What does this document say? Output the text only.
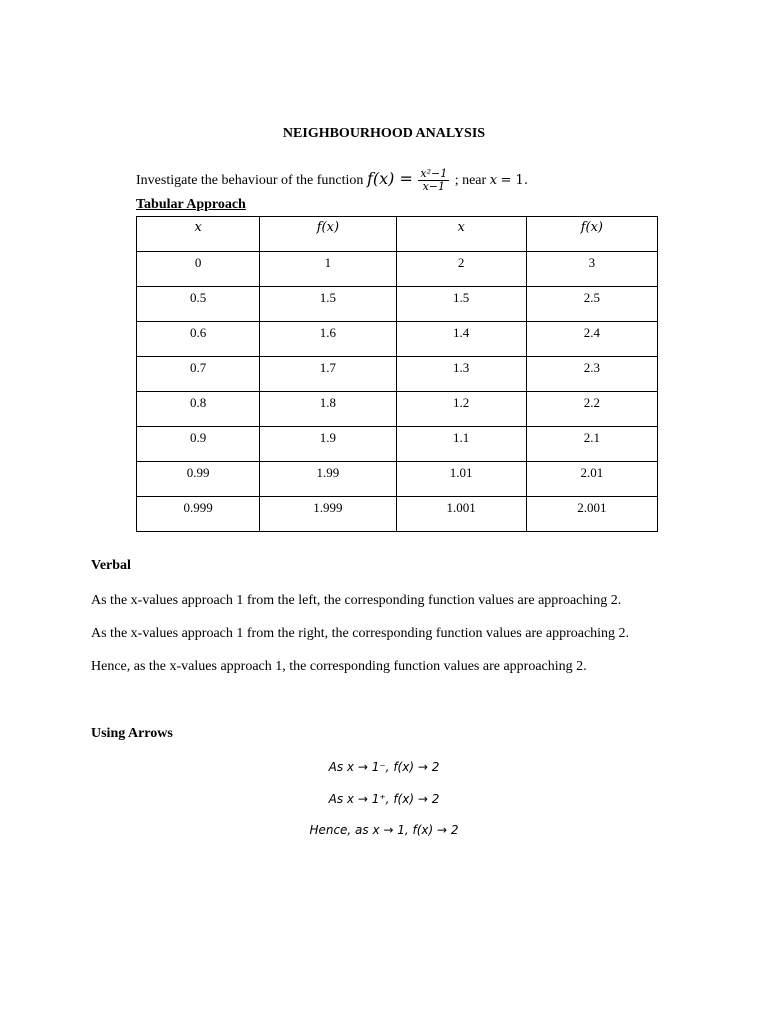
NEIGHBOURHOOD ANALYSIS
Investigate the behaviour of the function $f(x) = \frac{\text{x²−1}}{x-1}$ ; near x = 1.
Tabular Approach
x	f(x)	x	f(x)
0	1	2	3
0.5	1.5	1.5	2.5
0.6	1.6	1.4	2.4
0.7	1.7	1.3	2.3
0.8	1.8	1.2	2.2
0.9	1.9	1.1	2.1
0.99	1.99	1.01	2.01
0.999	1.999	1.001	2.001
Verbal
As the x-values approach 1 from the left, the corresponding function values are approaching 2.
As the x-values approach 1 from the right, the corresponding function values are approaching 2.
Hence, as the x-values approach 1, the corresponding function values are approaching 2.
Using Arrows
As x → 1⁻, f(x) → 2
As x → 1⁺, f(x) → 2
Hence, as x → 1, f(x) → 2
